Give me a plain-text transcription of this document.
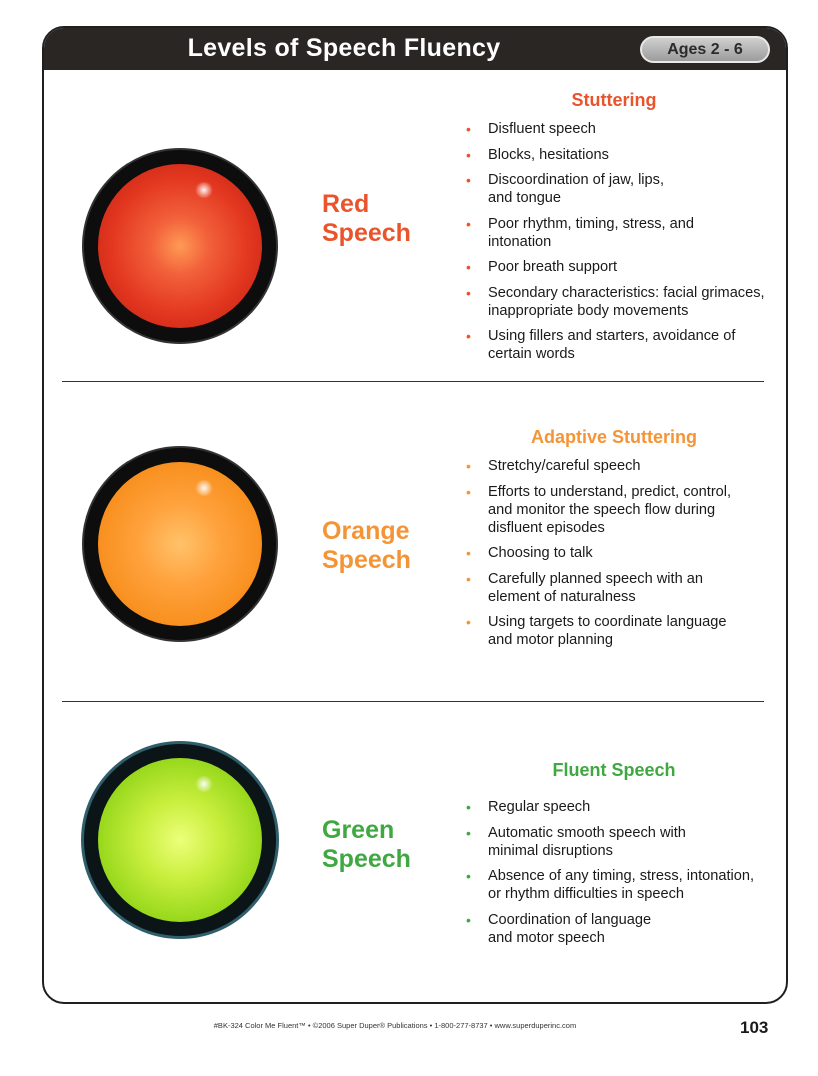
Levels of Speech Fluency	Ages 2 - 6
Red
Speech
Stuttering
• Disfluent speech
• Blocks, hesitations
• Discoordination of jaw, lips,
and tongue
• Poor rhythm, timing, stress, and
intonation
• Poor breath support
• Secondary characteristics: facial grimaces,
inappropriate body movements
• Using fillers and starters, avoidance of
certain words
Orange
Speech
Adaptive Stuttering
• Stretchy/careful speech
• Efforts to understand, predict, control,
and monitor the speech flow during
disfluent episodes
• Choosing to talk
• Carefully planned speech with an
element of naturalness
• Using targets to coordinate language
and motor planning
Green
Speech
Fluent Speech
• Regular speech
• Automatic smooth speech with
minimal disruptions
• Absence of any timing, stress, intonation,
or rhythm difficulties in speech
• Coordination of language
and motor speech
#BK-324 Color Me Fluent™ • ©2006 Super Duper® Publications • 1-800-277-8737 • www.superduperinc.com	103
